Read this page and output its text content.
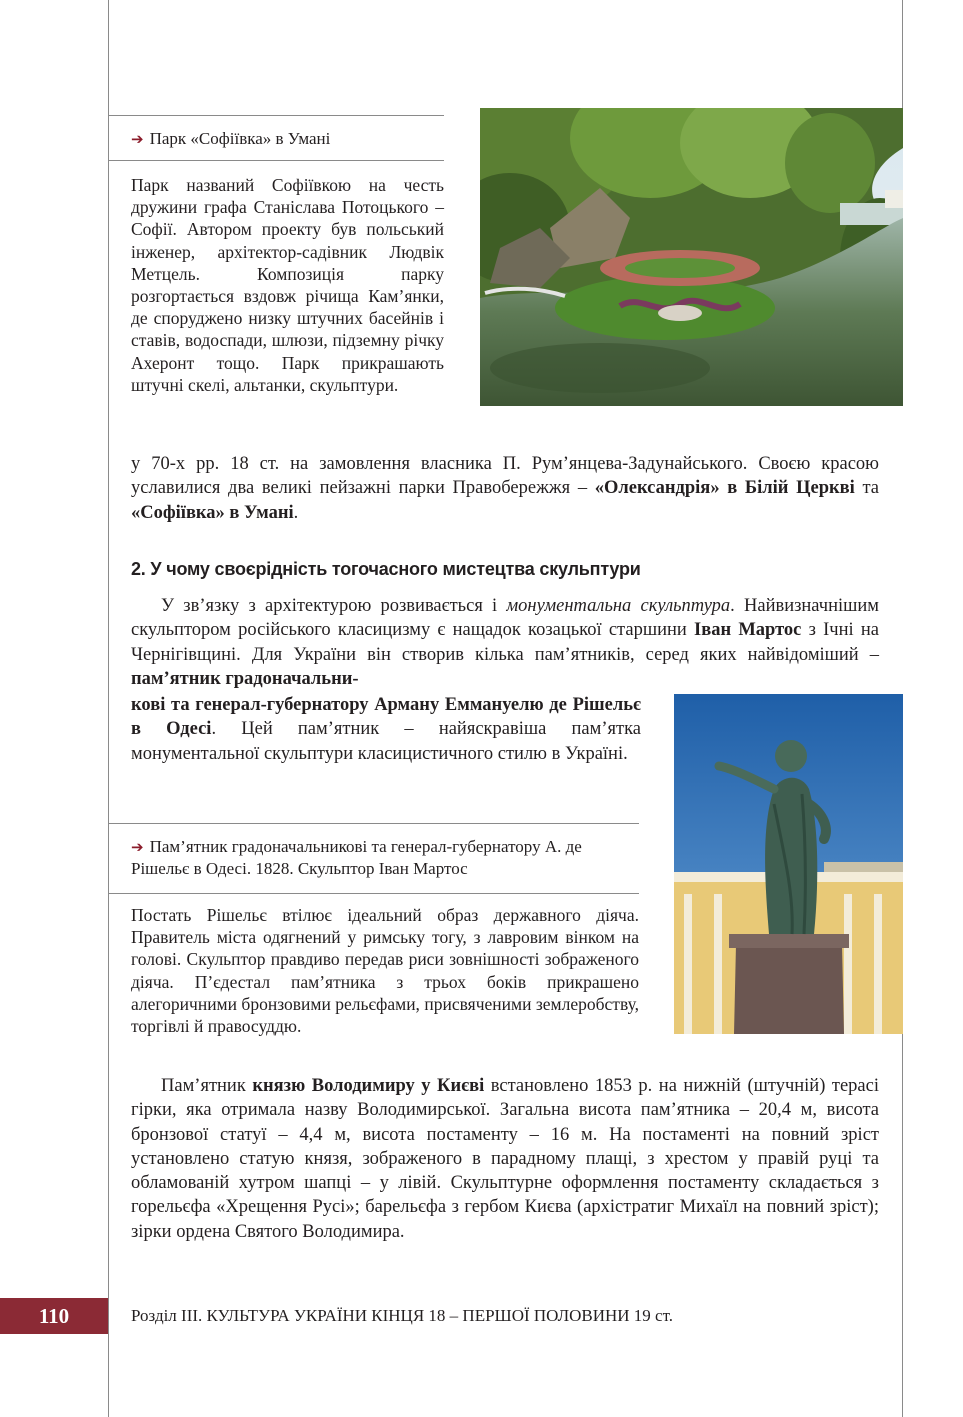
➔ Парк «Софіївка» в Умані
Парк названий Софіївкою на честь дружини графа Станіслава Потоцького – Софії. Автором проекту був польський інженер, архітектор-садівник Людвік Метцель. Композиція парку розгортається вздовж річища Кам’янки, де споруджено низку штучних басейнів і ставів, водоспади, шлюзи, підземну річку Ахеронт тощо. Парк прикрашають штучні скелі, альтанки, скульптури.
у 70-х рр. 18 ст. на замовлення власника П. Рум’янцева-Задунайського. Своєю красою уславилися два великі пейзажні парки Правобережжя – «Олександрія» в Білій Церкві та «Софіївка» в Умані.
2. У чому своєрідність тогочасного мистецтва скульптури
У зв’язку з архітектурою розвивається і монументальна скульптура. Найвизначнішим скульптором російського класицизму є нащадок козацької старшини Іван Мартос з Ічні на Чернігівщині. Для України він створив кілька пам’ятників, серед яких найвідоміший – пам’ятник градоначальни-
кові та генерал-губернатору Арману Еммануелю де Рішельє в Одесі. Цей пам’ятник – найяскравіша пам’ятка монументальної скульптури класицистичного стилю в Україні.
➔ Пам’ятник градоначальникові та генерал-губернатору А. де Рішельє в Одесі. 1828. Скульптор Іван Мартос
Постать Рішельє втілює ідеальний образ державного діяча. Правитель міста одягнений у римську тогу, з лавровим вінком на голові. Скульптор правдиво передав риси зовнішності зображеного діяча. П’єдестал пам’ятника з трьох боків прикрашено алегоричними бронзовими рельєфами, присвяченими землеробству, торгівлі й правосуддю.
Пам’ятник князю Володимиру у Києві встановлено 1853 р. на нижній (штучній) терасі гірки, яка отримала назву Володимирської. Загальна висота пам’ятника – 20,4 м, висота бронзової статуї – 4,4 м, висота постаменту – 16 м. На постаменті на повний зріст установлено статую князя, зображеного в парадному плащі, з хрестом у правій руці та обламованій хутром шапці – у лівій. Скульптурне оформлення постаменту складається з горельєфа «Хрещення Русі»; барельєфа з гербом Києва (архістратиг Михаїл на повний зріст); зірки ордена Святого Володимира.
110	Розділ ІІІ. КУЛЬТУРА УКРАЇНИ КІНЦЯ 18 – ПЕРШОЇ ПОЛОВИНИ 19 ст.
